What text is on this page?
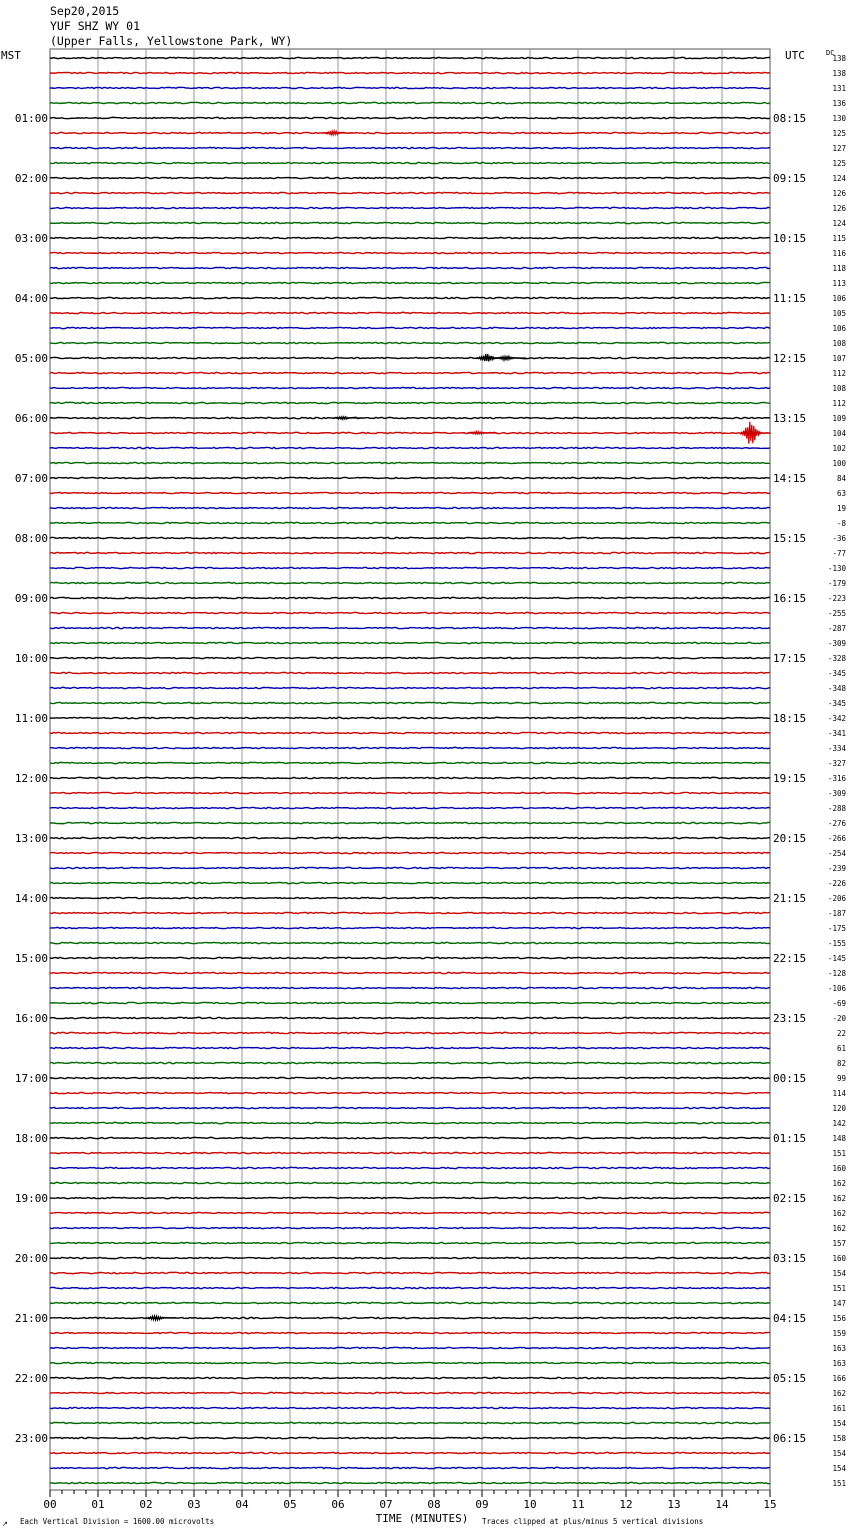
Sep20,2015
YUF SHZ WY 01
(Upper Falls, Yellowstone Park, WY)
MST	UTC	DC
01:00
02:00
03:00
04:00
05:00
06:00
07:00
08:00
09:00
10:00
11:00
12:00
13:00
14:00
15:00
16:00
17:00
18:00
19:00
20:00
21:00
22:00
23:00
08:15
09:15
10:15
11:15
12:15
13:15
14:15
15:15
16:15
17:15
18:15
19:15
20:15
21:15
22:15
23:15
00:15
01:15
02:15
03:15
04:15
05:15
06:15
138
138
131
136
130
125
127
125
124
126
126
124
115
116
118
113
106
105
106
108
107
112
108
112
109
104
102
100
84
63
19
-8
-36
-77
-130
-179
-223
-255
-287
-309
-328
-345
-348
-345
-342
-341
-334
-327
-316
-309
-288
-276
-266
-254
-239
-226
-206
-187
-175
-155
-145
-128
-106
-69
-20
22
61
82
99
114
120
142
148
151
160
162
162
162
162
157
160
154
151
147
156
159
163
163
166
162
161
154
158
154
154
151
00	01	02	03	04	05	06	07	08	09	10	11	12	13	14	15
TIME (MINUTES)
Each Vertical Division = 1600.00 microvolts	Traces clipped at plus/minus 5 vertical divisions
↗
